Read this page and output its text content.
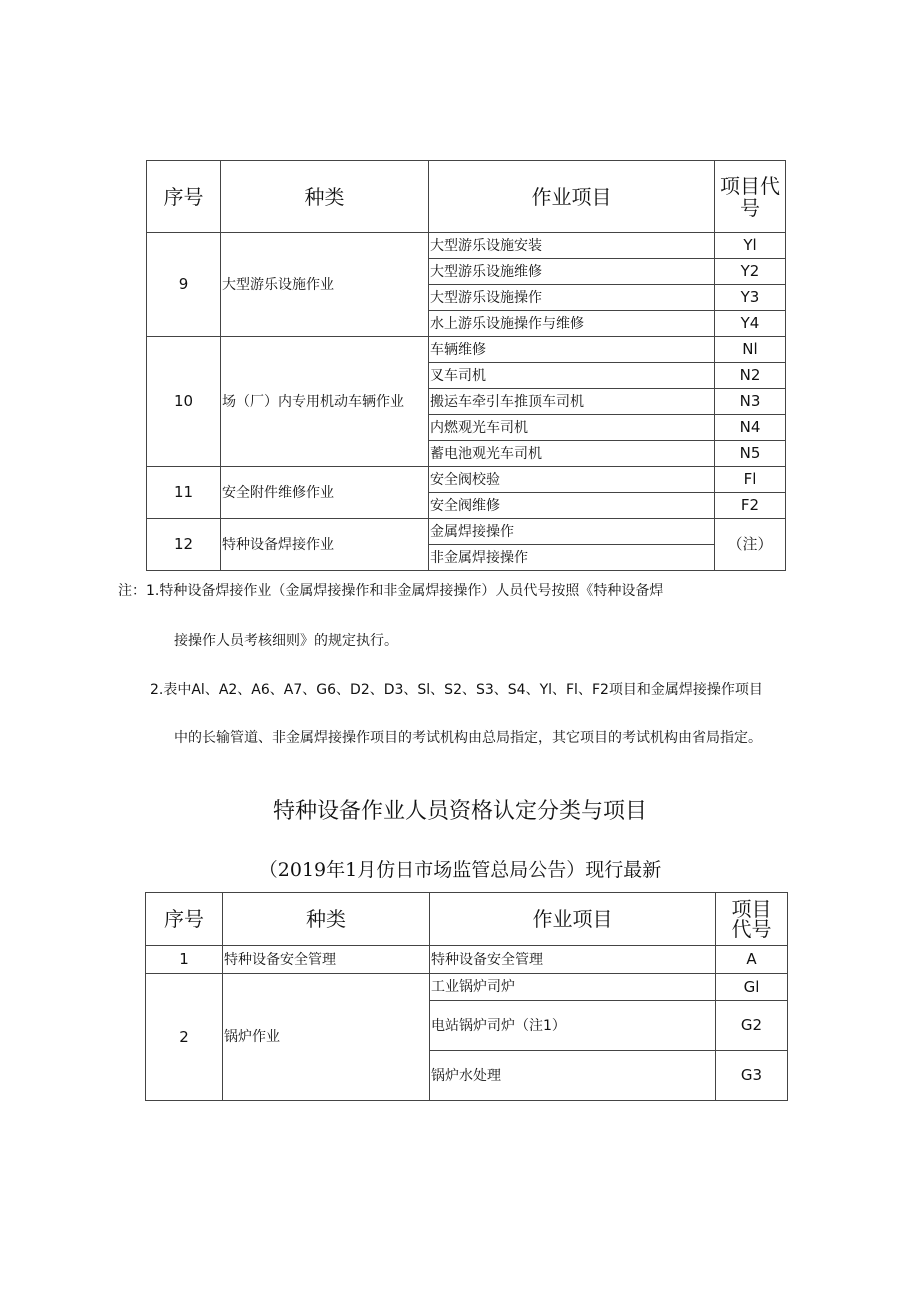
序号	种类	作业项目	项目代号
9	大型游乐设施作业	大型游乐设施安装	Yl
		大型游乐设施维修	Y2
		大型游乐设施操作	Y3
		水上游乐设施操作与维修	Y4
10	场（厂）内专用机动车辆作业	车辆维修	Nl
		叉车司机	N2
		搬运车牵引车推顶车司机	N3
		内燃观光车司机	N4
		蓄电池观光车司机	N5
11	安全附件维修作业	安全阀校验	Fl
		安全阀维修	F2
12	特种设备焊接作业	金属焊接操作	（注）
		非金属焊接操作	
注：1.特种设备焊接作业（金属焊接操作和非金属焊接操作）人员代号按照《特种设备焊
接操作人员考核细则》的规定执行。
2.表中Al、A2、A6、A7、G6、D2、D3、Sl、S2、S3、S4、Yl、Fl、F2项目和金属焊接操作项目
中的长输管道、非金属焊接操作项目的考试机构由总局指定，其它项目的考试机构由省局指定。
特种设备作业人员资格认定分类与项目
（2019年1月仿日市场监管总局公告）现行最新
序号	种类	作业项目	项目
代号

1	特种设备安全管理	特种设备安全管理	A
2	锅炉作业	工业锅炉司炉	Gl
		电站锅炉司炉（注1）	G2
		锅炉水处理	G3
